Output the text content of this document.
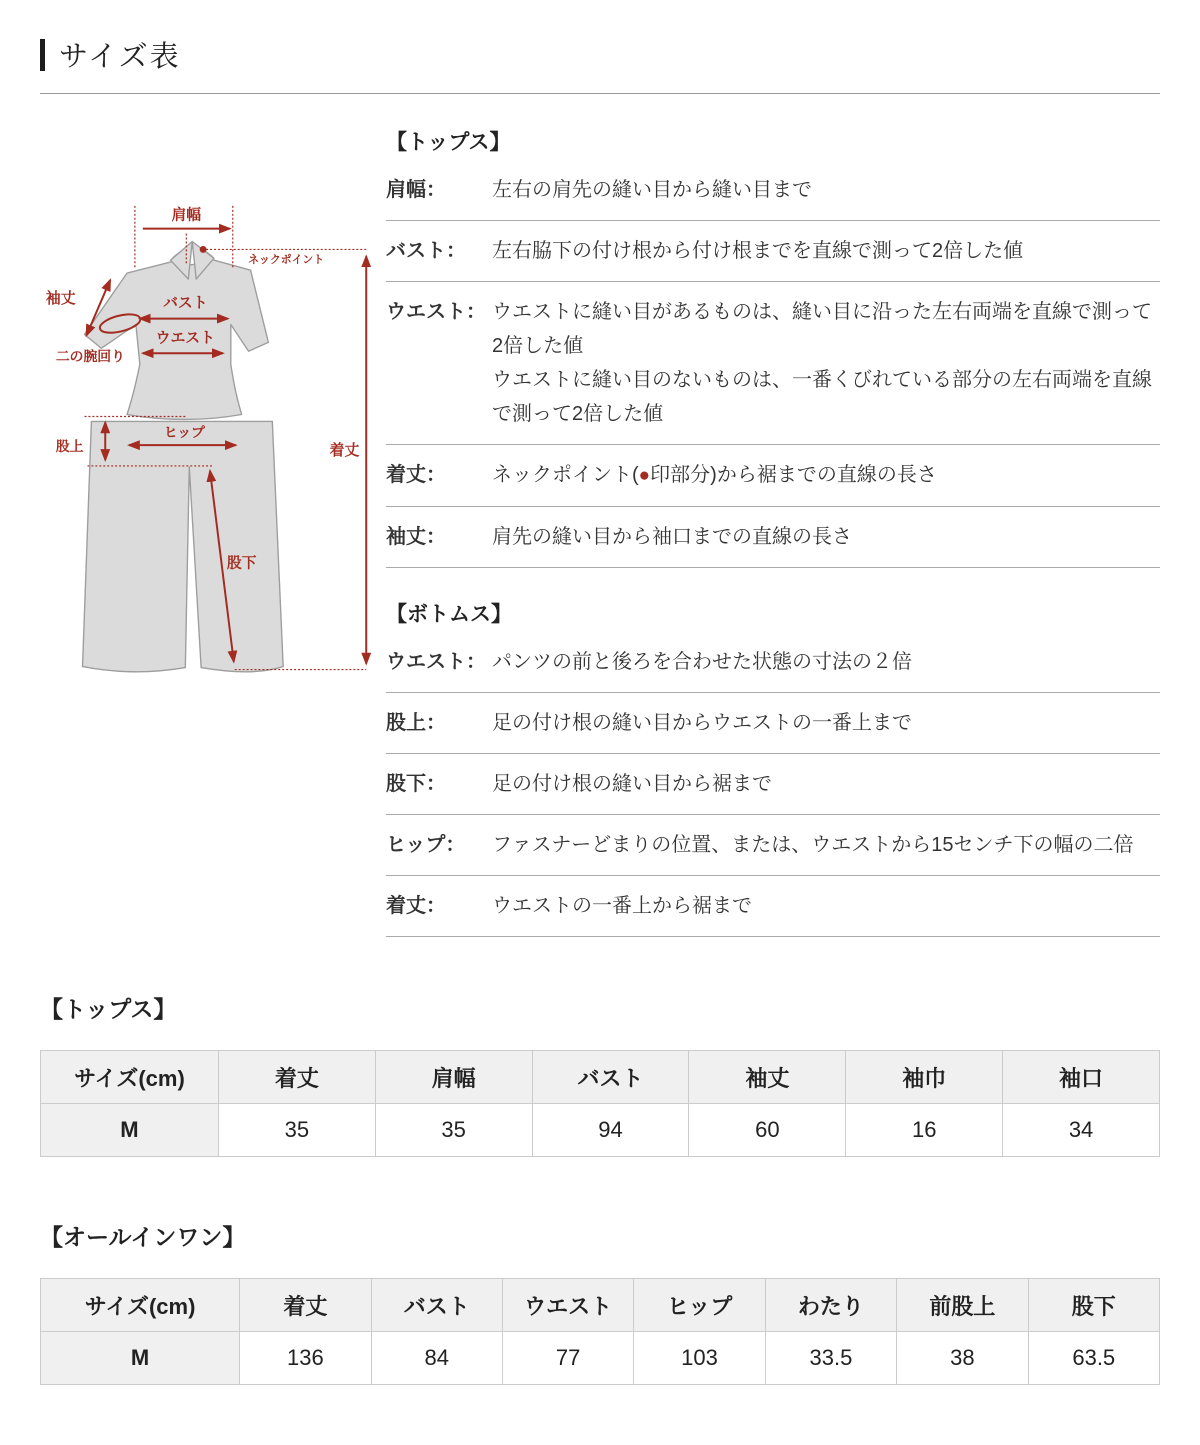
サイズ表
肩幅
ネックポイント
着丈
袖丈
二の腕回り
バスト
ウエスト
股上
ヒップ
股下
【トップス】
肩幅：	左右の肩先の縫い目から縫い目まで
バスト：	左右脇下の付け根から付け根までを直線で測って2倍した値
ウエスト： ウエストに縫い目があるものは、縫い目に沿った左右両端を直線で測って2倍した値
ウエストに縫い目のないものは、一番くびれている部分の左右両端を直線で測って2倍した値
着丈：	ネックポイント(●印部分)から裾までの直線の長さ
袖丈：	肩先の縫い目から袖口までの直線の長さ
【ボトムス】
ウエスト： パンツの前と後ろを合わせた状態の寸法の２倍
股上：	足の付け根の縫い目からウエストの一番上まで
股下：	足の付け根の縫い目から裾まで
ヒップ：	ファスナーどまりの位置、または、ウエストから15センチ下の幅の二倍
着丈：	ウエストの一番上から裾まで
【トップス】
サイズ(cm)	着丈	肩幅	バスト	袖丈	袖巾	袖口
M	35	35	94	60	16	34
【オールインワン】
サイズ(cm)	着丈	バスト	ウエスト	ヒップ	わたり	前股上	股下
M	136	84	77	103	33.5	38	63.5
